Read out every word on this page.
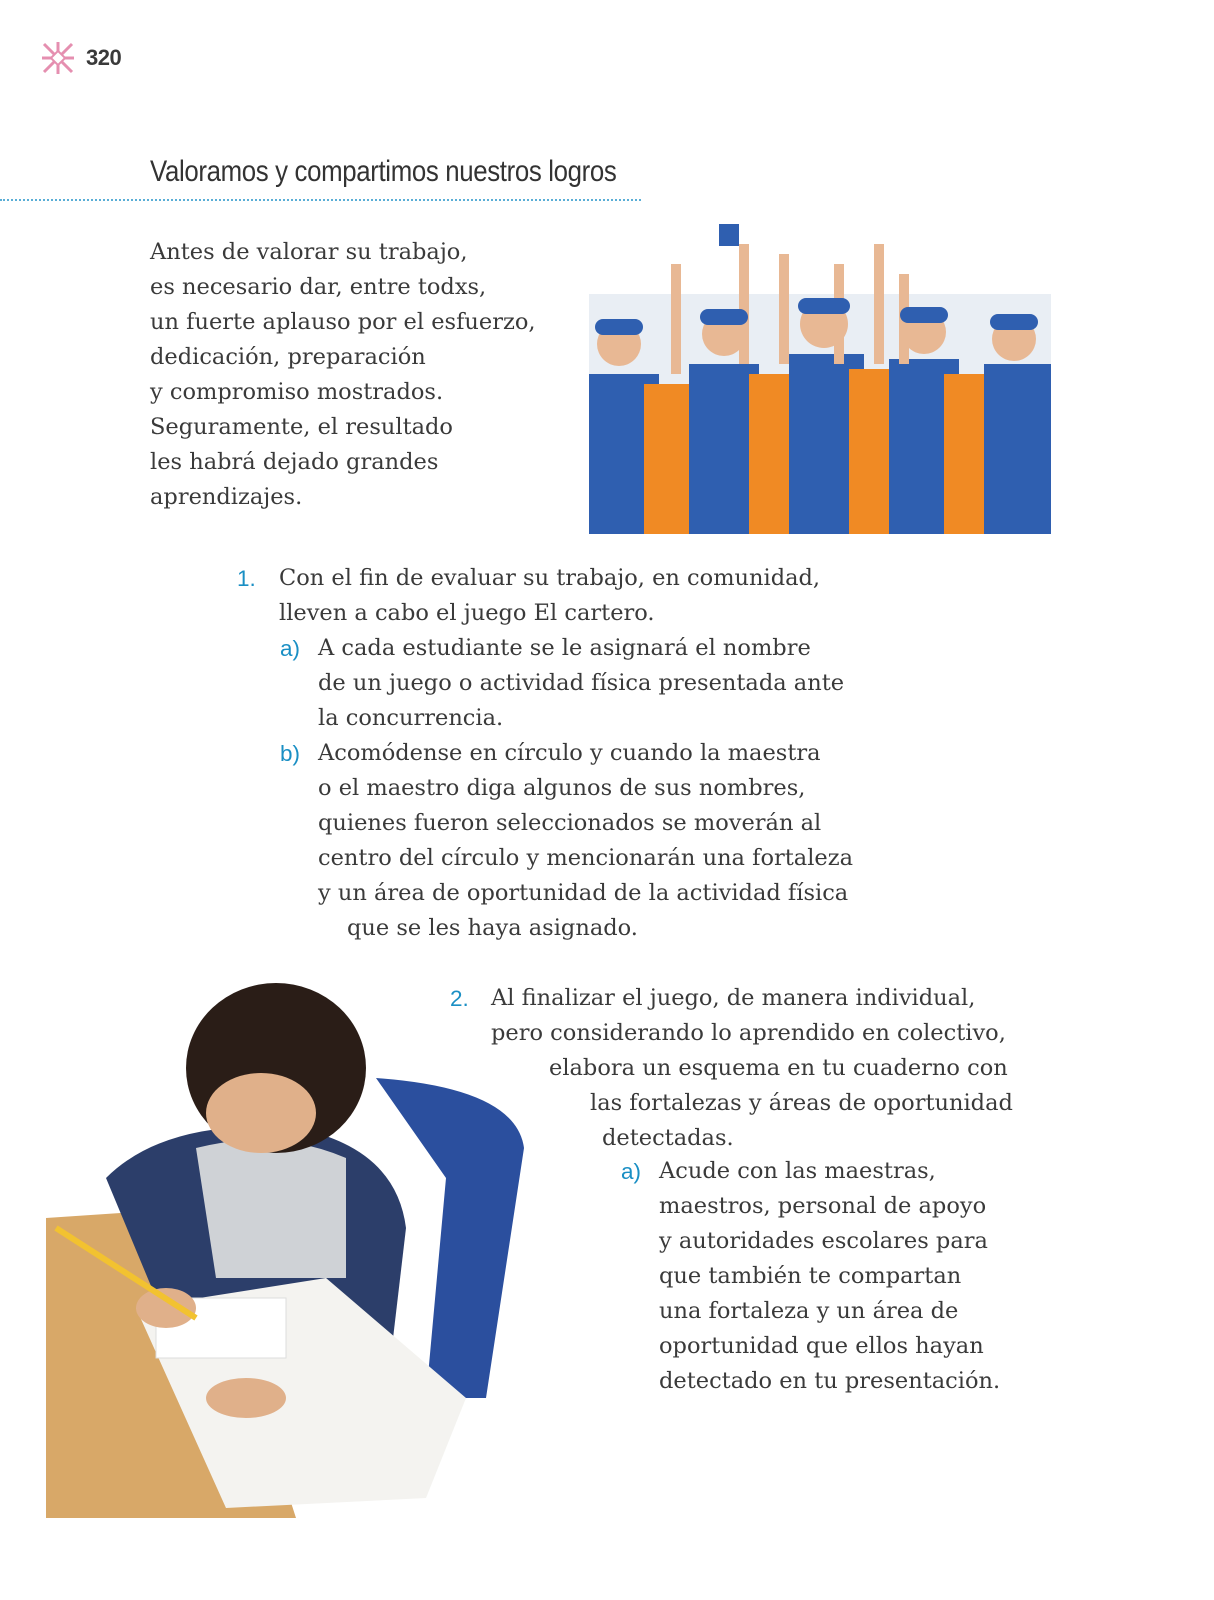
320
Valoramos y compartimos nuestros logros
Antes de valorar su trabajo,
es necesario dar, entre todxs,
un fuerte aplauso por el esfuerzo,
dedicación, preparación
y compromiso mostrados.
Seguramente, el resultado
les habrá dejado grandes
aprendizajes.
1. Con el fin de evaluar su trabajo, en comunidad,
lleven a cabo el juego El cartero.
a) A cada estudiante se le asignará el nombre
de un juego o actividad física presentada ante
la concurrencia.
b) Acomódense en círculo y cuando la maestra
o el maestro diga algunos de sus nombres,
quienes fueron seleccionados se moverán al
centro del círculo y mencionarán una fortaleza
y un área de oportunidad de la actividad física
que se les haya asignado.
2. Al finalizar el juego, de manera individual,
pero considerando lo aprendido en colectivo,
elabora un esquema en tu cuaderno con
las fortalezas y áreas de oportunidad
detectadas.
a) Acude con las maestras,
maestros, personal de apoyo
y autoridades escolares para
que también te compartan
una fortaleza y un área de
oportunidad que ellos hayan
detectado en tu presentación.
